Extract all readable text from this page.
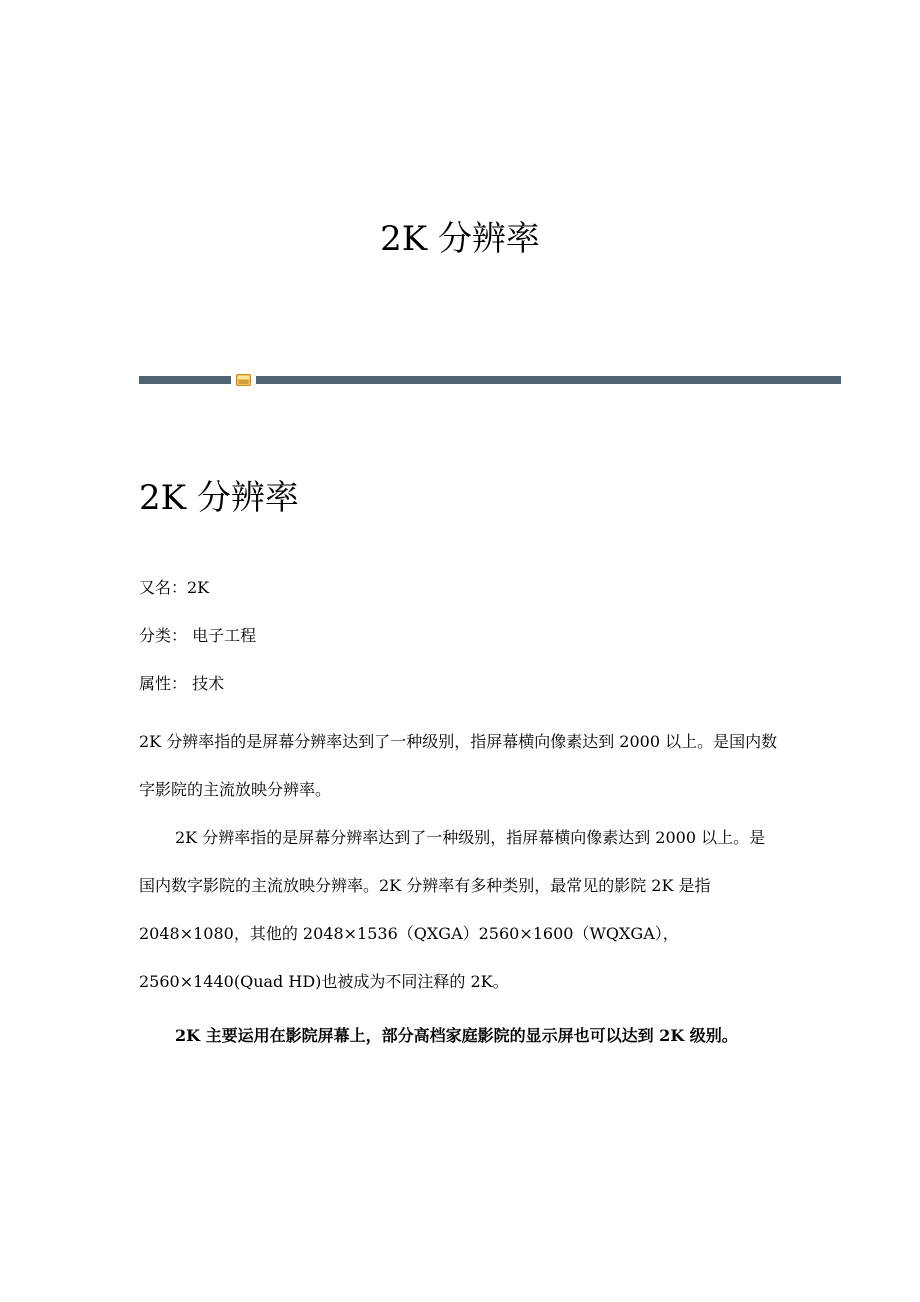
2K 分辨率
2K 分辨率

又名：2K

分类： 电子工程

属性： 技术

2K 分辨率指的是屏幕分辨率达到了一种级别，指屏幕横向像素达到 2000 以上。是国内数字影院的主流放映分辨率。

2K 分辨率指的是屏幕分辨率达到了一种级别，指屏幕横向像素达到 2000 以上。是国内数字影院的主流放映分辨率。2K 分辨率有多种类别，最常见的影院 2K 是指 2048×1080，其他的 2048×1536（QXGA）2560×1600（WQXGA），2560×1440(Quad HD)也被成为不同注释的 2K。

2K 主要运用在影院屏幕上，部分高档家庭影院的显示屏也可以达到 2K 级别。
